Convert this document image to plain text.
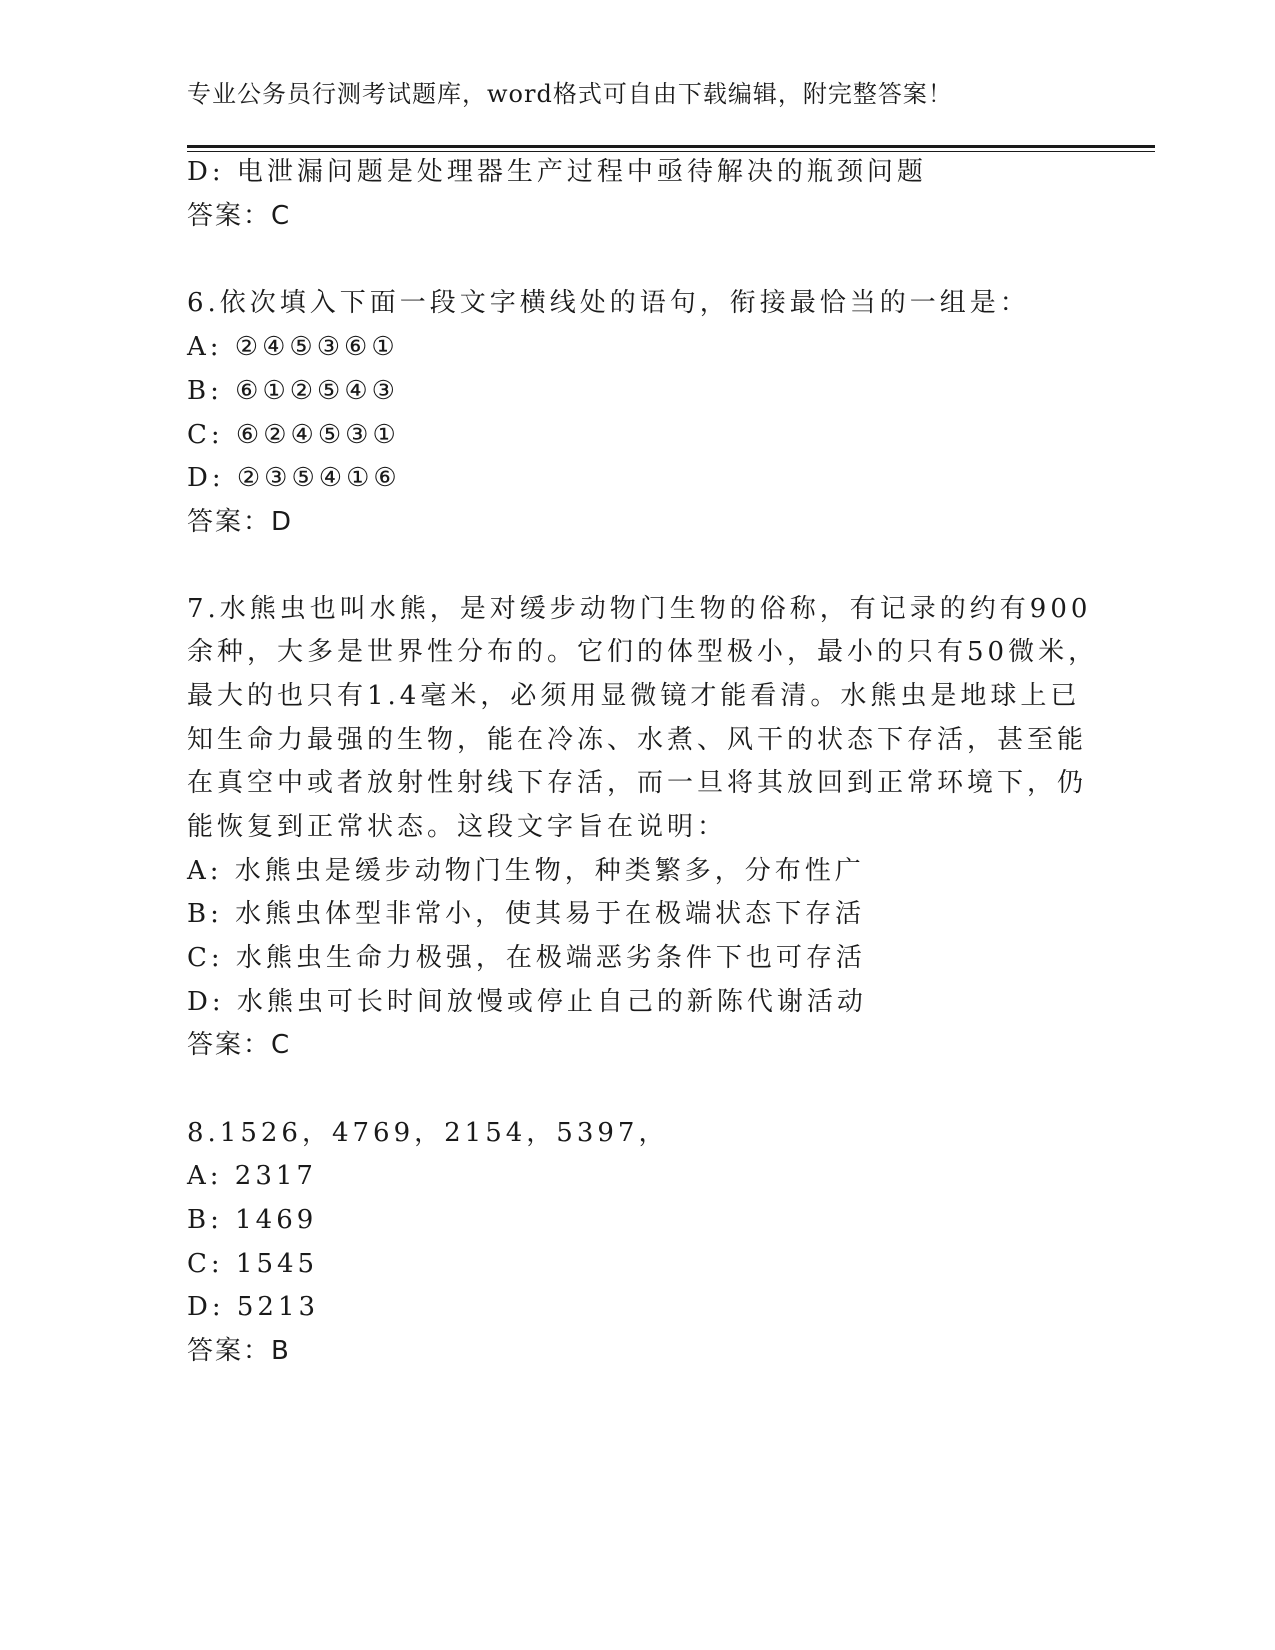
专业公务员行测考试题库，word格式可自由下载编辑，附完整答案！
D: 电泄漏问题是处理器生产过程中亟待解决的瓶颈问题
答案：C
6.依次填入下面一段文字横线处的语句，衔接最恰当的一组是：
A: ②④⑤③⑥①
B: ⑥①②⑤④③
C: ⑥②④⑤③①
D: ②③⑤④①⑥
答案：D
7.水熊虫也叫水熊，是对缓步动物门生物的俗称，有记录的约有900
余种，大多是世界性分布的。它们的体型极小，最小的只有50微米，
最大的也只有1.4毫米，必须用显微镜才能看清。水熊虫是地球上已
知生命力最强的生物，能在冷冻、水煮、风干的状态下存活，甚至能
在真空中或者放射性射线下存活，而一旦将其放回到正常环境下，仍
能恢复到正常状态。这段文字旨在说明：
A: 水熊虫是缓步动物门生物，种类繁多，分布性广
B: 水熊虫体型非常小，使其易于在极端状态下存活
C: 水熊虫生命力极强，在极端恶劣条件下也可存活
D: 水熊虫可长时间放慢或停止自己的新陈代谢活动
答案：C
8.1526，4769，2154，5397，
A: 2317
B: 1469
C: 1545
D: 5213
答案：B
